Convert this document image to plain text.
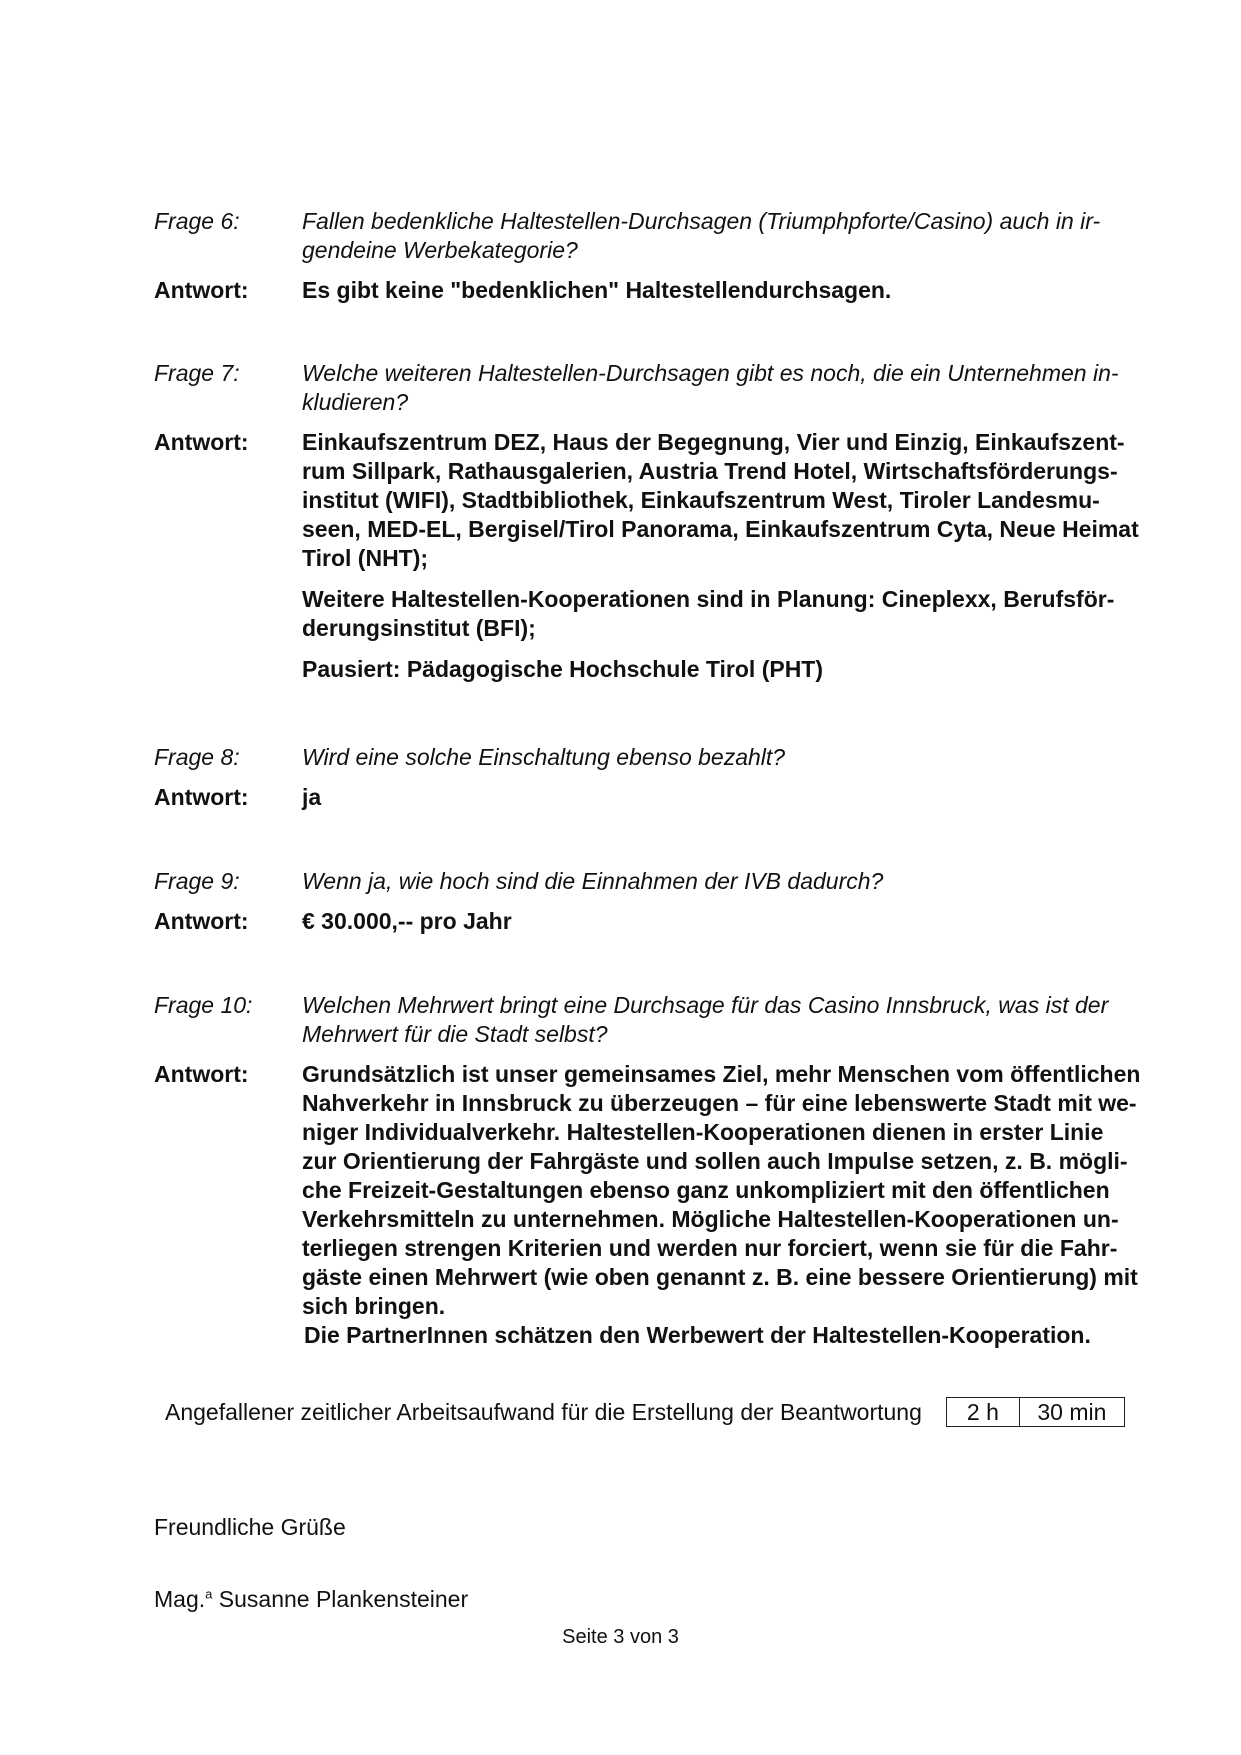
Frage 6:	Fallen bedenkliche Haltestellen-Durchsagen (Triumphpforte/Casino) auch in ir-
gendeine Werbekategorie?
Antwort:	Es gibt keine "bedenklichen" Haltestellendurchsagen.
Frage 7:	Welche weiteren Haltestellen-Durchsagen gibt es noch, die ein Unternehmen in-
kludieren?
Antwort:	Einkaufszentrum DEZ, Haus der Begegnung, Vier und Einzig, Einkaufszent-
rum Sillpark, Rathausgalerien, Austria Trend Hotel, Wirtschaftsförderungs-
institut (WIFI), Stadtbibliothek, Einkaufszentrum West, Tiroler Landesmu-
seen, MED-EL, Bergisel/Tirol Panorama, Einkaufszentrum Cyta, Neue Heimat
Tirol (NHT);
Weitere Haltestellen-Kooperationen sind in Planung: Cineplexx, Berufsför-
derungsinstitut (BFI);
Pausiert: Pädagogische Hochschule Tirol (PHT)
Frage 8:	Wird eine solche Einschaltung ebenso bezahlt?
Antwort:	ja
Frage 9:	Wenn ja, wie hoch sind die Einnahmen der IVB dadurch?
Antwort:	€ 30.000,-- pro Jahr
Frage 10:	Welchen Mehrwert bringt eine Durchsage für das Casino Innsbruck, was ist der
Mehrwert für die Stadt selbst?
Antwort:	Grundsätzlich ist unser gemeinsames Ziel, mehr Menschen vom öffentlichen
Nahverkehr in Innsbruck zu überzeugen – für eine lebenswerte Stadt mit we-
niger Individualverkehr. Haltestellen-Kooperationen dienen in erster Linie
zur Orientierung der Fahrgäste und sollen auch Impulse setzen, z. B. mögli-
che Freizeit-Gestaltungen ebenso ganz unkompliziert mit den öffentlichen
Verkehrsmitteln zu unternehmen. Mögliche Haltestellen-Kooperationen un-
terliegen strengen Kriterien und werden nur forciert, wenn sie für die Fahr-
gäste einen Mehrwert (wie oben genannt z. B. eine bessere Orientierung) mit
sich bringen.
Die PartnerInnen schätzen den Werbewert der Haltestellen-Kooperation.
Angefallener zeitlicher Arbeitsaufwand für die Erstellung der Beantwortung	2 h	30 min
Freundliche Grüße
Mag.$^a$ Susanne Plankensteiner
Seite 3 von 3
